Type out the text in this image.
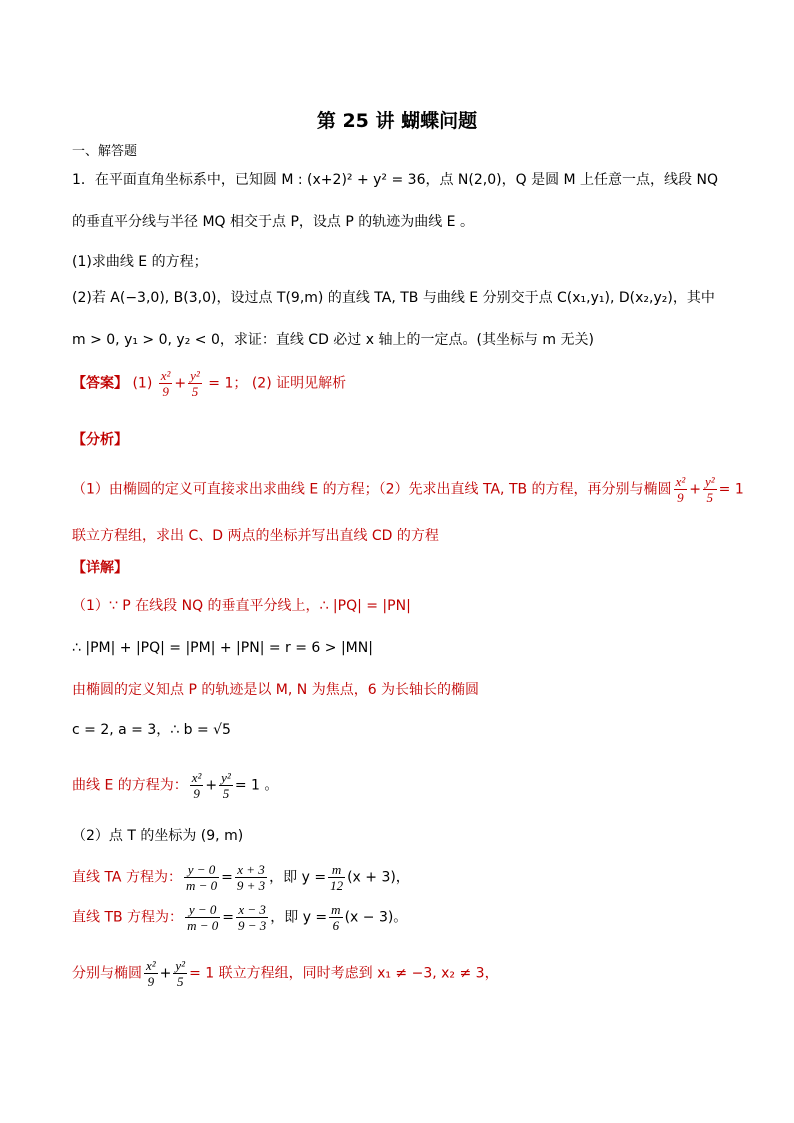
第 25 讲 蝴蝶问题
一、解答题
1．在平面直角坐标系中，已知圆 M : (x+2)² + y² = 36，点 N(2,0)，Q 是圆 M 上任意一点，线段 NQ
的垂直平分线与半径 MQ 相交于点 P，设点 P 的轨迹为曲线 E 。
(1)求曲线 E 的方程；
(2)若 A(−3,0), B(3,0)，设过点 T(9,m) 的直线 TA, TB 与曲线 E 分别交于点 C(x₁,y₁), D(x₂,y₂)，其中
m > 0, y₁ > 0, y₂ < 0，求证：直线 CD 必过 x 轴上的一定点。(其坐标与 m 无关)
【答案】 $(1) \frac{\text{x²}}{9} + \frac{\text{y²}}{5} = 1$； (2) 证明见解析
【分析】
（1）由椭圆的定义可直接求出求曲线 E 的方程；（2）先求出直线 TA, TB 的方程，再分别与椭圆 $\frac{\text{x²}}{9} + \frac{\text{y²}}{5} = 1$
联立方程组，求出 C、D 两点的坐标并写出直线 CD 的方程
【详解】
（1）∵ P 在线段 NQ 的垂直平分线上，∴ |PQ| = |PN|
∴ |PM| + |PQ| = |PM| + |PN| = r = 6 > |MN|
由椭圆的定义知点 P 的轨迹是以 M, N 为焦点，6 为长轴长的椭圆
c = 2, a = 3，∴ b = √5
曲线 E 的方程为： $\frac{\text{x²}}{9} + \frac{\text{y²}}{5} = 1$ 。
（2）点 T 的坐标为 (9, m)
直线 TA 方程为： $\frac{y - 0}{m - 0} = \frac{x + 3}{9 + 3}$ ，即 $y = \frac{m}{12} (x + 3)$，
直线 TB 方程为： $\frac{y - 0}{m - 0} = \frac{x - 3}{9 - 3}$ ，即 $y = \frac{m}{6} (x - 3)$。
分别与椭圆 $\frac{\text{x²}}{9} + \frac{\text{y²}}{5} = 1$ 联立方程组，同时考虑到 x₁ ≠ −3, x₂ ≠ 3，
